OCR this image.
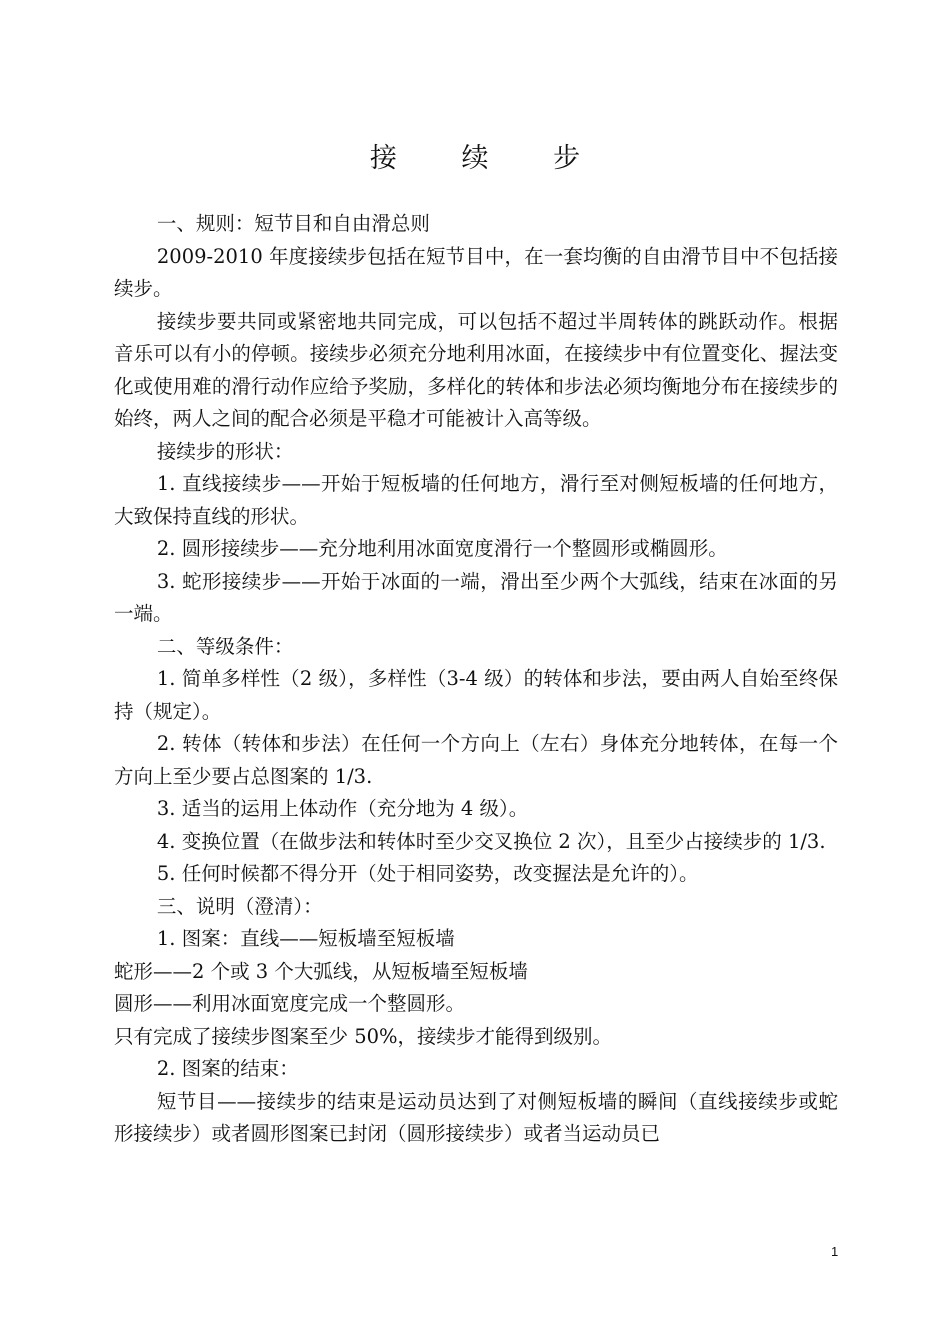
接 续 步

一、规则：短节目和自由滑总则

2009-2010 年度接续步包括在短节目中，在一套均衡的自由滑节目中不包括接续步。

接续步要共同或紧密地共同完成，可以包括不超过半周转体的跳跃动作。根据音乐可以有小的停顿。接续步必须充分地利用冰面，在接续步中有位置变化、握法变化或使用难的滑行动作应给予奖励，多样化的转体和步法必须均衡地分布在接续步的始终，两人之间的配合必须是平稳才可能被计入高等级。

接续步的形状：

1. 直线接续步——开始于短板墙的任何地方，滑行至对侧短板墙的任何地方，大致保持直线的形状。

2. 圆形接续步——充分地利用冰面宽度滑行一个整圆形或椭圆形。

3. 蛇形接续步——开始于冰面的一端，滑出至少两个大弧线，结束在冰面的另一端。

二、等级条件：

1. 简单多样性（2 级），多样性（3-4 级）的转体和步法，要由两人自始至终保持（规定）。

2. 转体（转体和步法）在任何一个方向上（左右）身体充分地转体，在每一个方向上至少要占总图案的 1/3.

3. 适当的运用上体动作（充分地为 4 级）。

4. 变换位置（在做步法和转体时至少交叉换位 2 次），且至少占接续步的 1/3.

5. 任何时候都不得分开（处于相同姿势，改变握法是允许的）。

三、说明（澄清）：

1. 图案：直线——短板墙至短板墙

蛇形——2 个或 3 个大弧线，从短板墙至短板墙

圆形——利用冰面宽度完成一个整圆形。

只有完成了接续步图案至少 50%，接续步才能得到级别。

2. 图案的结束：

短节目——接续步的结束是运动员达到了对侧短板墙的瞬间（直线接续步或蛇形接续步）或者圆形图案已封闭（圆形接续步）或者当运动员已

1
